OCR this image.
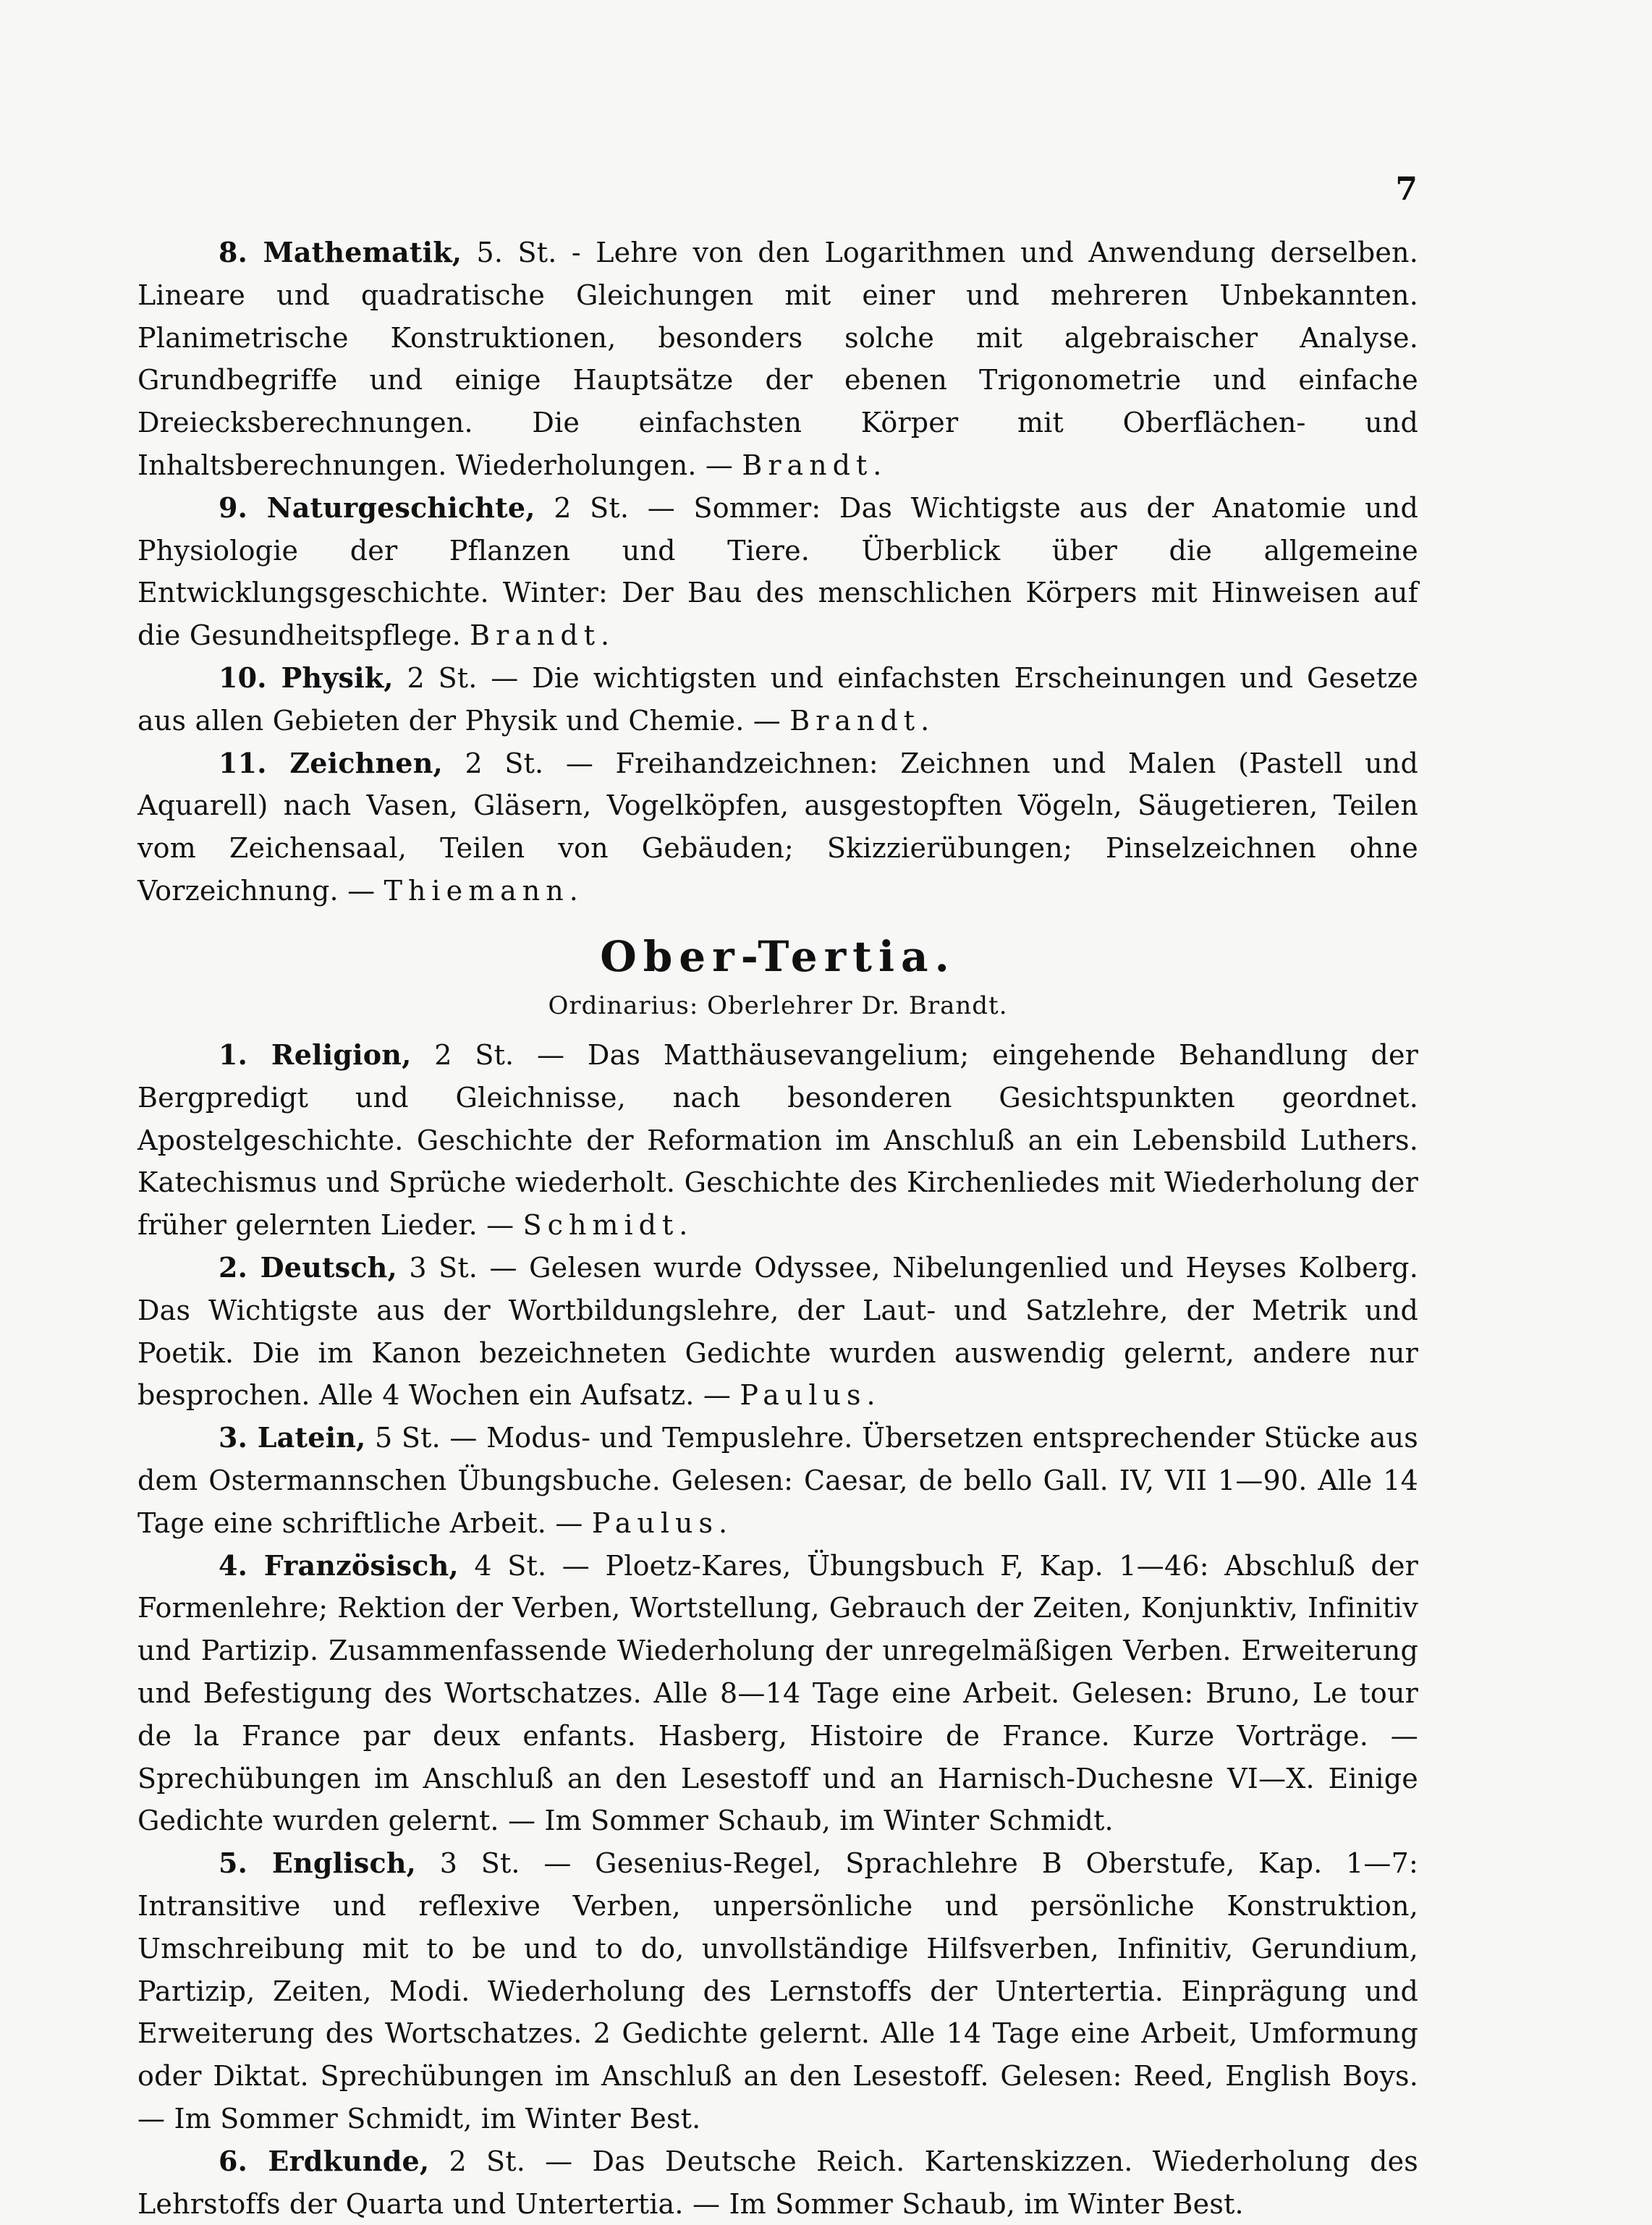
7

8. Mathematik, 5. St. - Lehre von den Logarithmen und Anwendung derselben. Lineare und quadratische Gleichungen mit einer und mehreren Unbekannten. Planimetrische Konstruktionen, besonders solche mit algebraischer Analyse. Grundbegriffe und einige Hauptsätze der ebenen Trigonometrie und einfache Dreiecksberechnungen. Die einfachsten Körper mit Oberflächen- und Inhaltsberechnungen. Wiederholungen. — Brandt.

9. Naturgeschichte, 2 St. — Sommer: Das Wichtigste aus der Anatomie und Physiologie der Pflanzen und Tiere. Überblick über die allgemeine Entwicklungsgeschichte. Winter: Der Bau des menschlichen Körpers mit Hinweisen auf die Gesundheitspflege. Brandt.

10. Physik, 2 St. — Die wichtigsten und einfachsten Erscheinungen und Gesetze aus allen Gebieten der Physik und Chemie. — Brandt.

11. Zeichnen, 2 St. — Freihandzeichnen: Zeichnen und Malen (Pastell und Aquarell) nach Vasen, Gläsern, Vogelköpfen, ausgestopften Vögeln, Säugetieren, Teilen vom Zeichensaal, Teilen von Gebäuden; Skizzierübungen; Pinselzeichnen ohne Vorzeichnung. — Thiemann.

Ober-Tertia.
Ordinarius: Oberlehrer Dr. Brandt.

1. Religion, 2 St. — Das Matthäusevangelium; eingehende Behandlung der Bergpredigt und Gleichnisse, nach besonderen Gesichtspunkten geordnet. Apostelgeschichte. Geschichte der Reformation im Anschluß an ein Lebensbild Luthers. Katechismus und Sprüche wiederholt. Geschichte des Kirchenliedes mit Wiederholung der früher gelernten Lieder. — Schmidt.

2. Deutsch, 3 St. — Gelesen wurde Odyssee, Nibelungenlied und Heyses Kolberg. Das Wichtigste aus der Wortbildungslehre, der Laut- und Satzlehre, der Metrik und Poetik. Die im Kanon bezeichneten Gedichte wurden auswendig gelernt, andere nur besprochen. Alle 4 Wochen ein Aufsatz. — Paulus.

3. Latein, 5 St. — Modus- und Tempuslehre. Übersetzen entsprechender Stücke aus dem Ostermannschen Übungsbuche. Gelesen: Caesar, de bello Gall. IV, VII 1—90. Alle 14 Tage eine schriftliche Arbeit. — Paulus.

4. Französisch, 4 St. — Ploetz-Kares, Übungsbuch F, Kap. 1—46: Abschluß der Formenlehre; Rektion der Verben, Wortstellung, Gebrauch der Zeiten, Konjunktiv, Infinitiv und Partizip. Zusammenfassende Wiederholung der unregelmäßigen Verben. Erweiterung und Befestigung des Wortschatzes. Alle 8—14 Tage eine Arbeit. Gelesen: Bruno, Le tour de la France par deux enfants. Hasberg, Histoire de France. Kurze Vorträge. — Sprechübungen im Anschluß an den Lesestoff und an Harnisch-Duchesne VI—X. Einige Gedichte wurden gelernt. — Im Sommer Schaub, im Winter Schmidt.

5. Englisch, 3 St. — Gesenius-Regel, Sprachlehre B Oberstufe, Kap. 1—7: Intransitive und reflexive Verben, unpersönliche und persönliche Konstruktion, Umschreibung mit to be und to do, unvollständige Hilfsverben, Infinitiv, Gerundium, Partizip, Zeiten, Modi. Wiederholung des Lernstoffs der Untertertia. Einprägung und Erweiterung des Wortschatzes. 2 Gedichte gelernt. Alle 14 Tage eine Arbeit, Umformung oder Diktat. Sprechübungen im Anschluß an den Lesestoff. Gelesen: Reed, English Boys. — Im Sommer Schmidt, im Winter Best.

6. Erdkunde, 2 St. — Das Deutsche Reich. Kartenskizzen. Wiederholung des Lehrstoffs der Quarta und Untertertia. — Im Sommer Schaub, im Winter Best.
